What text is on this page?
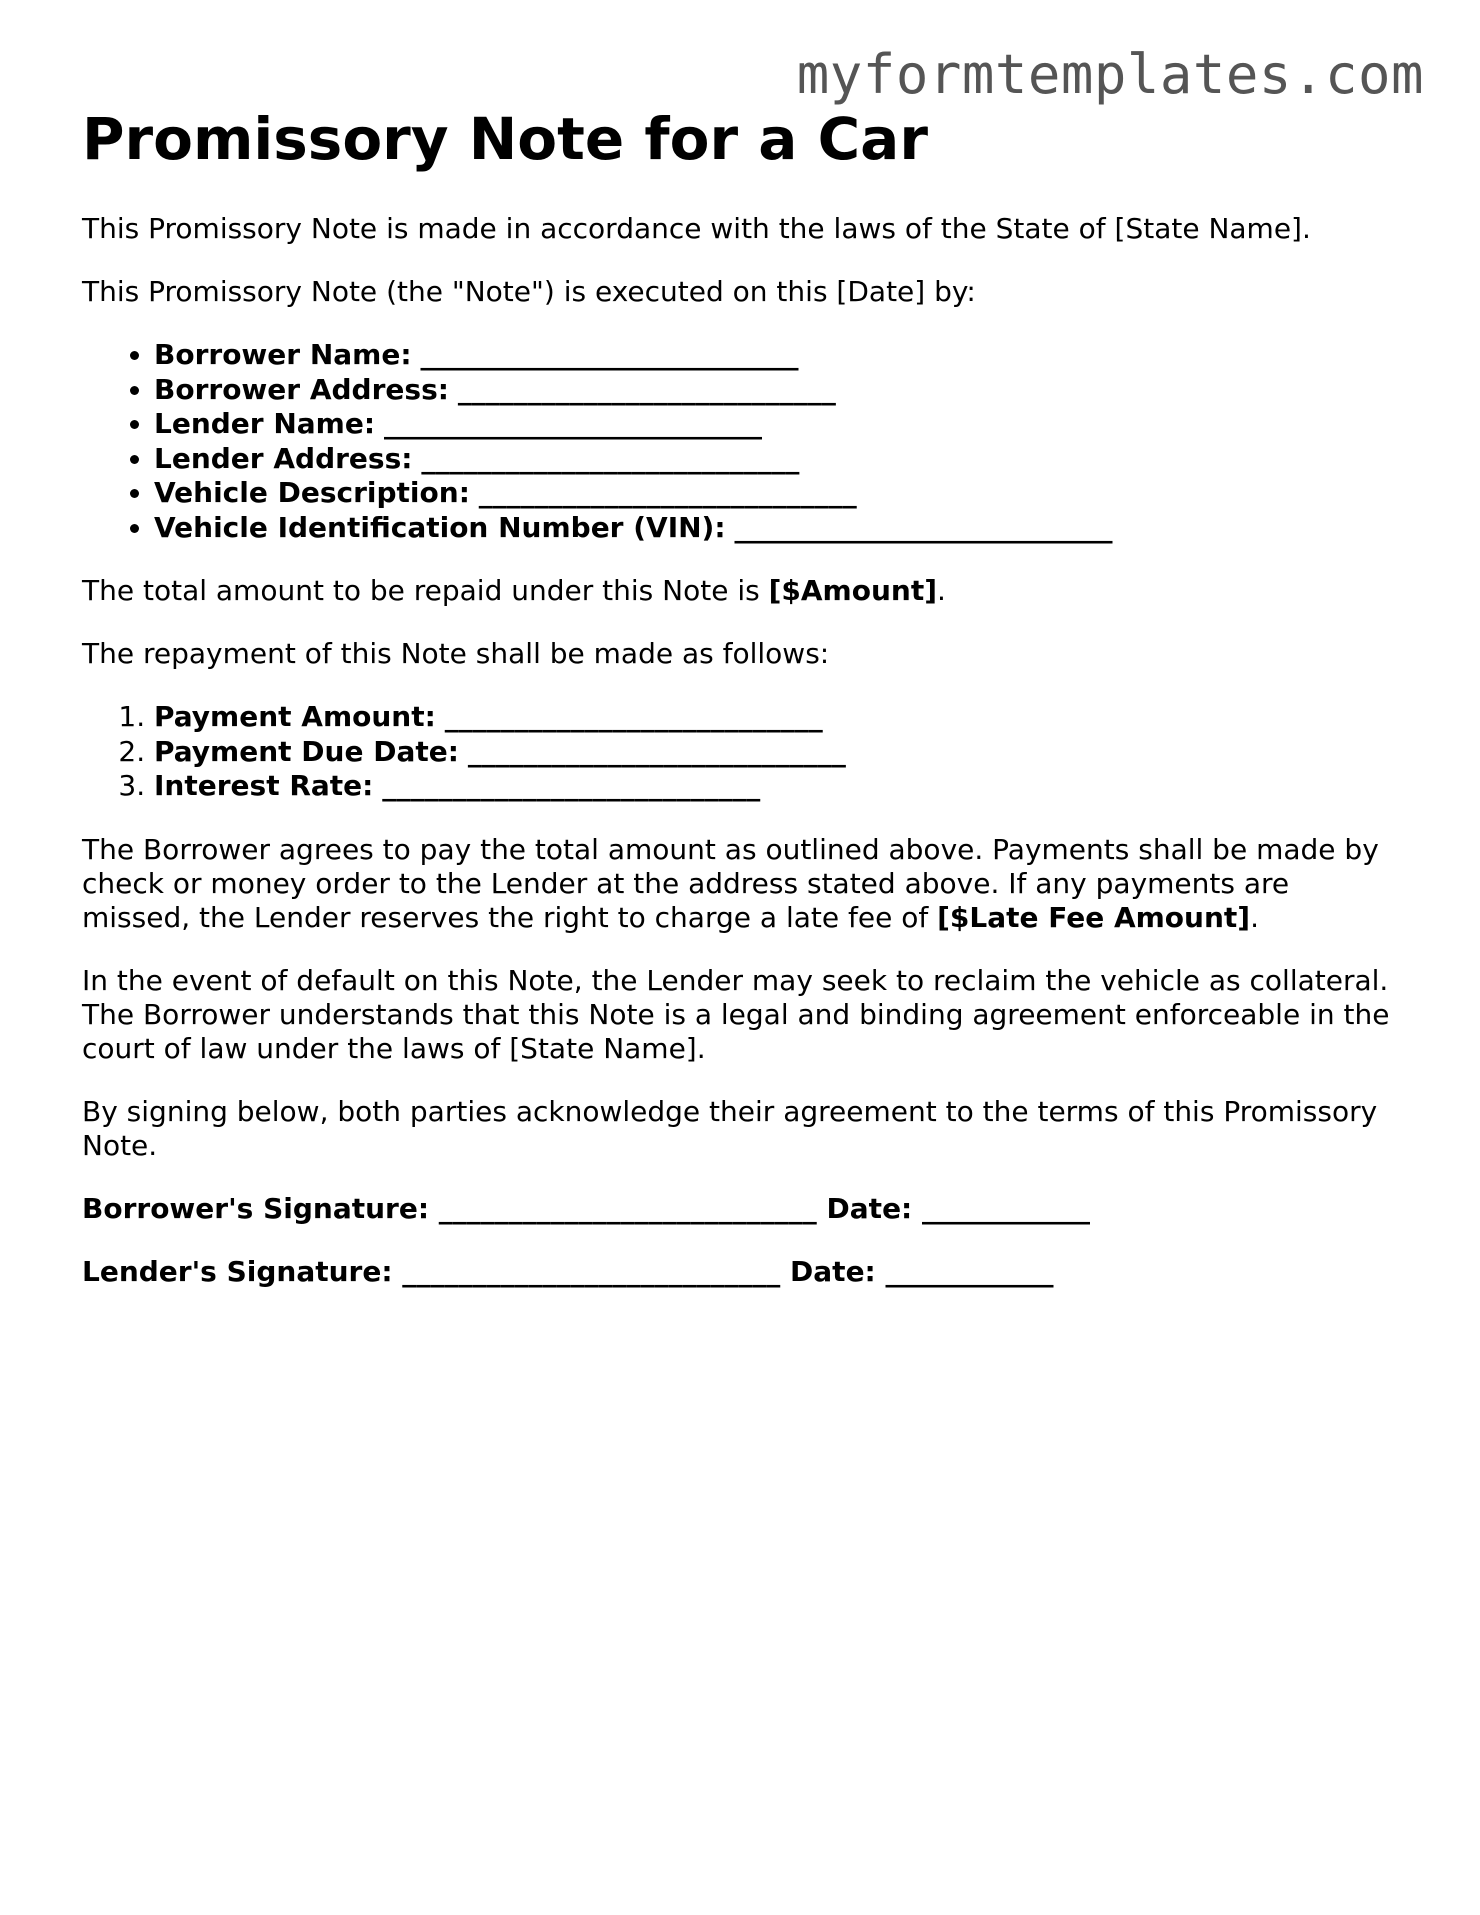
myformtemplates.com
Promissory Note for a Car

This Promissory Note is made in accordance with the laws of the State of [State Name].

This Promissory Note (the "Note") is executed on this [Date] by:

• Borrower Name: ___________________________
• Borrower Address: ___________________________
• Lender Name: ___________________________
• Lender Address: ___________________________
• Vehicle Description: ___________________________
• Vehicle Identification Number (VIN): ___________________________

The total amount to be repaid under this Note is [$Amount].

The repayment of this Note shall be made as follows:

1. Payment Amount: ___________________________
2. Payment Due Date: ___________________________
3. Interest Rate: ___________________________

The Borrower agrees to pay the total amount as outlined above. Payments shall be made by check or money order to the Lender at the address stated above. If any payments are missed, the Lender reserves the right to charge a late fee of [$Late Fee Amount].

In the event of default on this Note, the Lender may seek to reclaim the vehicle as collateral. The Borrower understands that this Note is a legal and binding agreement enforceable in the court of law under the laws of [State Name].

By signing below, both parties acknowledge their agreement to the terms of this Promissory Note.

Borrower's Signature: ___________________________ Date: ____________
Lender's Signature: ___________________________ Date: ____________
